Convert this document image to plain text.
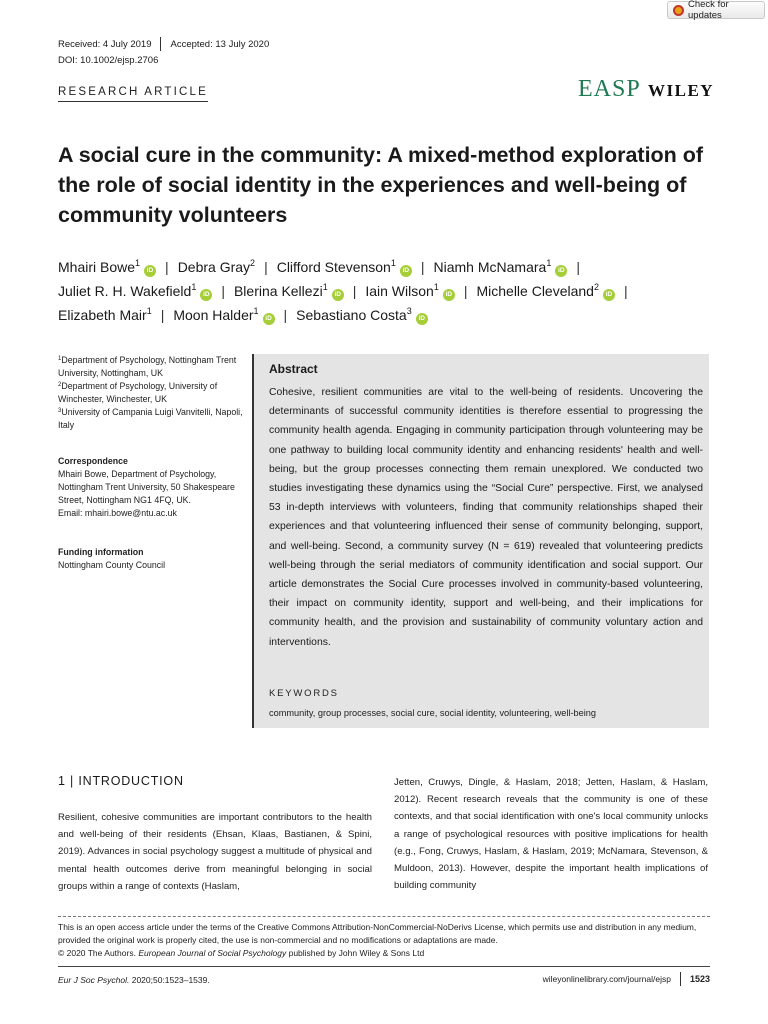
Check for updates
Received: 4 July 2019 Accepted: 13 July 2020
DOI: 10.1002/ejsp.2706
RESEARCH ARTICLE	EASP WILEY
A social cure in the community: A mixed-method exploration of the role of social identity in the experiences and well-being of community volunteers
Mhairi Bowe$^1$iD | Debra Gray$^2$ | Clifford Stevenson$^1$iD | Niamh McNamara$^1$iD |
Juliet R. H. Wakefield$^1$iD | Blerina Kellezi$^1$iD | Iain Wilson$^1$iD | Michelle Cleveland$^2$iD |
Elizabeth Mair$^1$ | Moon Halder$^1$iD | Sebastiano Costa$^3$iD
$^1$Department of Psychology, Nottingham Trent University, Nottingham, UK
$^2$Department of Psychology, University of Winchester, Winchester, UK
$^3$University of Campania Luigi Vanvitelli, Napoli, Italy
Correspondence
Mhairi Bowe, Department of Psychology, Nottingham Trent University, 50 Shakespeare Street, Nottingham NG1 4FQ, UK.
Email: mhairi.bowe@ntu.ac.uk
Funding information
Nottingham County Council
Abstract
Cohesive, resilient communities are vital to the well-being of residents. Uncovering the determinants of successful community identities is therefore essential to progressing the community health agenda. Engaging in community participation through volunteering may be one pathway to building local community identity and enhancing residents' health and well-being, but the group processes connecting them remain unexplored. We conducted two studies investigating these dynamics using the “Social Cure” perspective. First, we analysed 53 in-depth interviews with volunteers, finding that community relationships shaped their experiences and that volunteering influenced their sense of community belonging, support, and well-being. Second, a community survey (N = 619) revealed that volunteering predicts well-being through the serial mediators of community identification and social support. Our article demonstrates the Social Cure processes involved in community-based volunteering, their impact on community identity, support and well-being, and their implications for community health, and the provision and sustainability of community voluntary action and interventions.
KEYWORDS
community, group processes, social cure, social identity, volunteering, well-being
1 | INTRODUCTION
Resilient, cohesive communities are important contributors to the health and well-being of their residents (Ehsan, Klaas, Bastianen, & Spini, 2019). Advances in social psychology suggest a multitude of physical and mental health outcomes derive from meaningful belonging in social groups within a range of contexts (Haslam,
Jetten, Cruwys, Dingle, & Haslam, 2018; Jetten, Haslam, & Haslam, 2012). Recent research reveals that the community is one of these contexts, and that social identification with one's local community unlocks a range of psychological resources with positive implications for health (e.g., Fong, Cruwys, Haslam, & Haslam, 2019; McNamara, Stevenson, & Muldoon, 2013). However, despite the important health implications of building community
This is an open access article under the terms of the Creative Commons Attribution-NonCommercial-NoDerivs License, which permits use and distribution in any medium, provided the original work is properly cited, the use is non-commercial and no modifications or adaptations are made.
© 2020 The Authors. European Journal of Social Psychology published by John Wiley & Sons Ltd
Eur J Soc Psychol. 2020;50:1523–1539.	wileyonlinelibrary.com/journal/ejsp 1523
